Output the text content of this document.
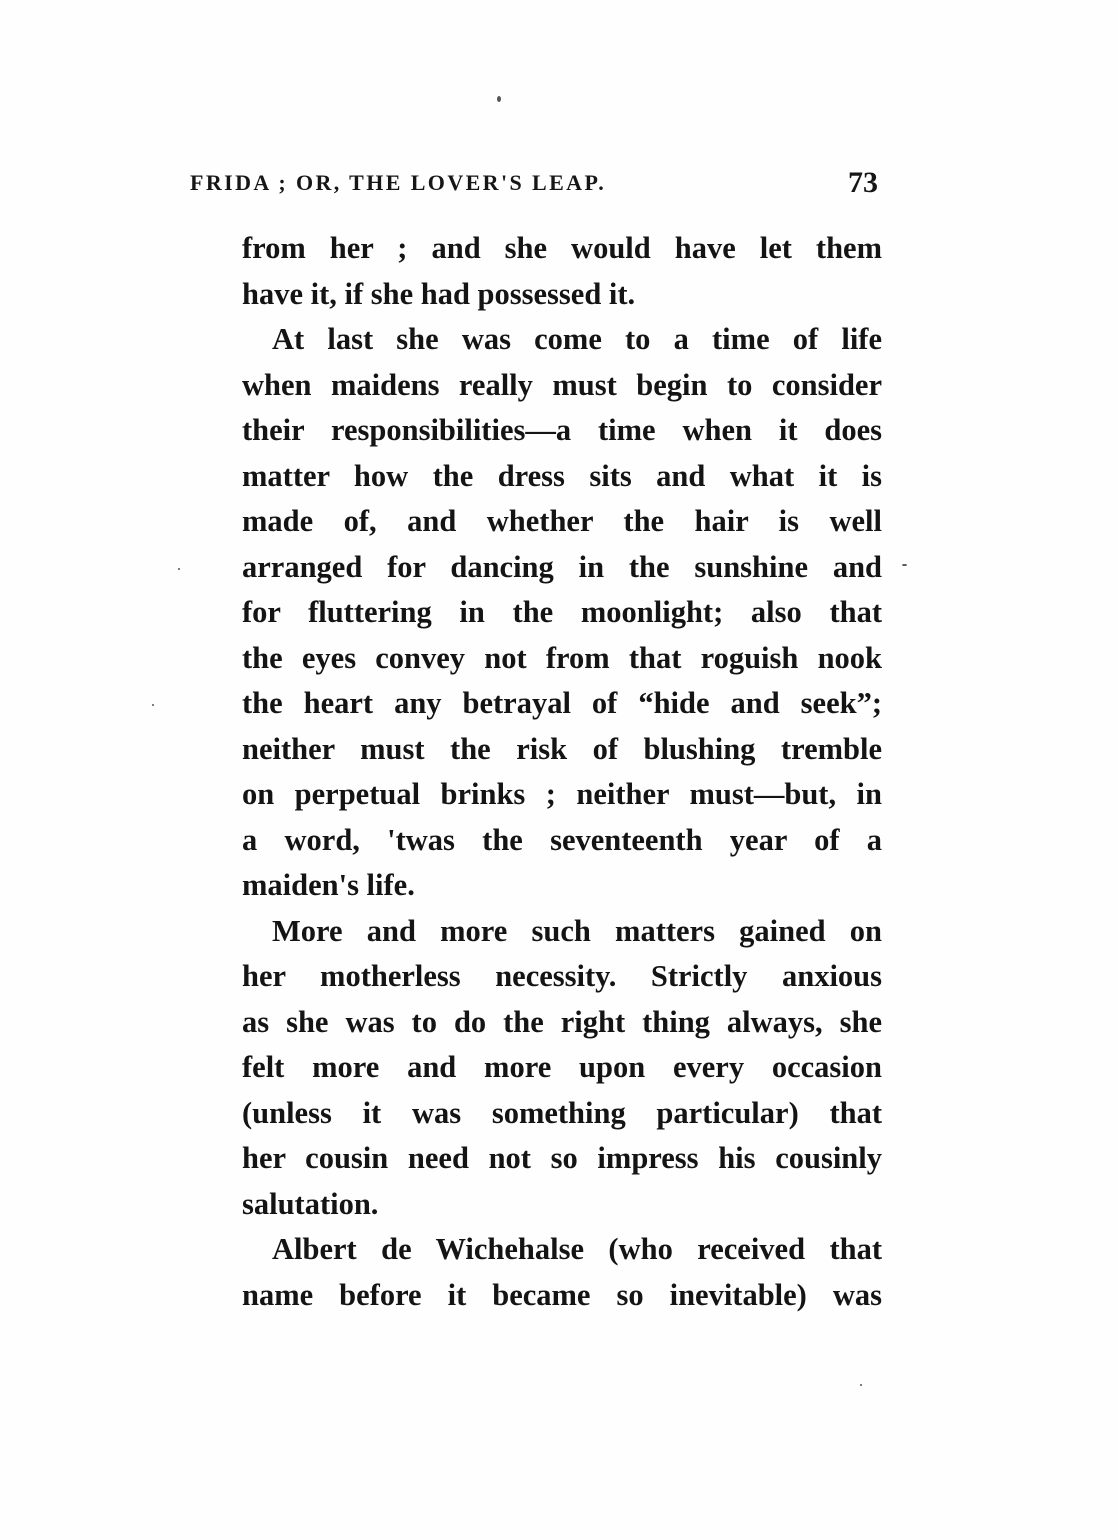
FRIDA ; OR, THE LOVER'S LEAP.	73
from her ; and she would have let them
have it, if she had possessed it.
At last she was come to a time of life
when maidens really must begin to consider
their responsibilities—a time when it does
matter how the dress sits and what it is
made of, and whether the hair is well
arranged for dancing in the sunshine and
for fluttering in the moonlight; also that
the eyes convey not from that roguish nook
the heart any betrayal of “hide and seek”;
neither must the risk of blushing tremble
on perpetual brinks ; neither must—but, in
a word, 'twas the seventeenth year of a
maiden's life.
More and more such matters gained on
her motherless necessity. Strictly anxious
as she was to do the right thing always, she
felt more and more upon every occasion
(unless it was something particular) that
her cousin need not so impress his cousinly
salutation.
Albert de Wichehalse (who received that
name before it became so inevitable) was
